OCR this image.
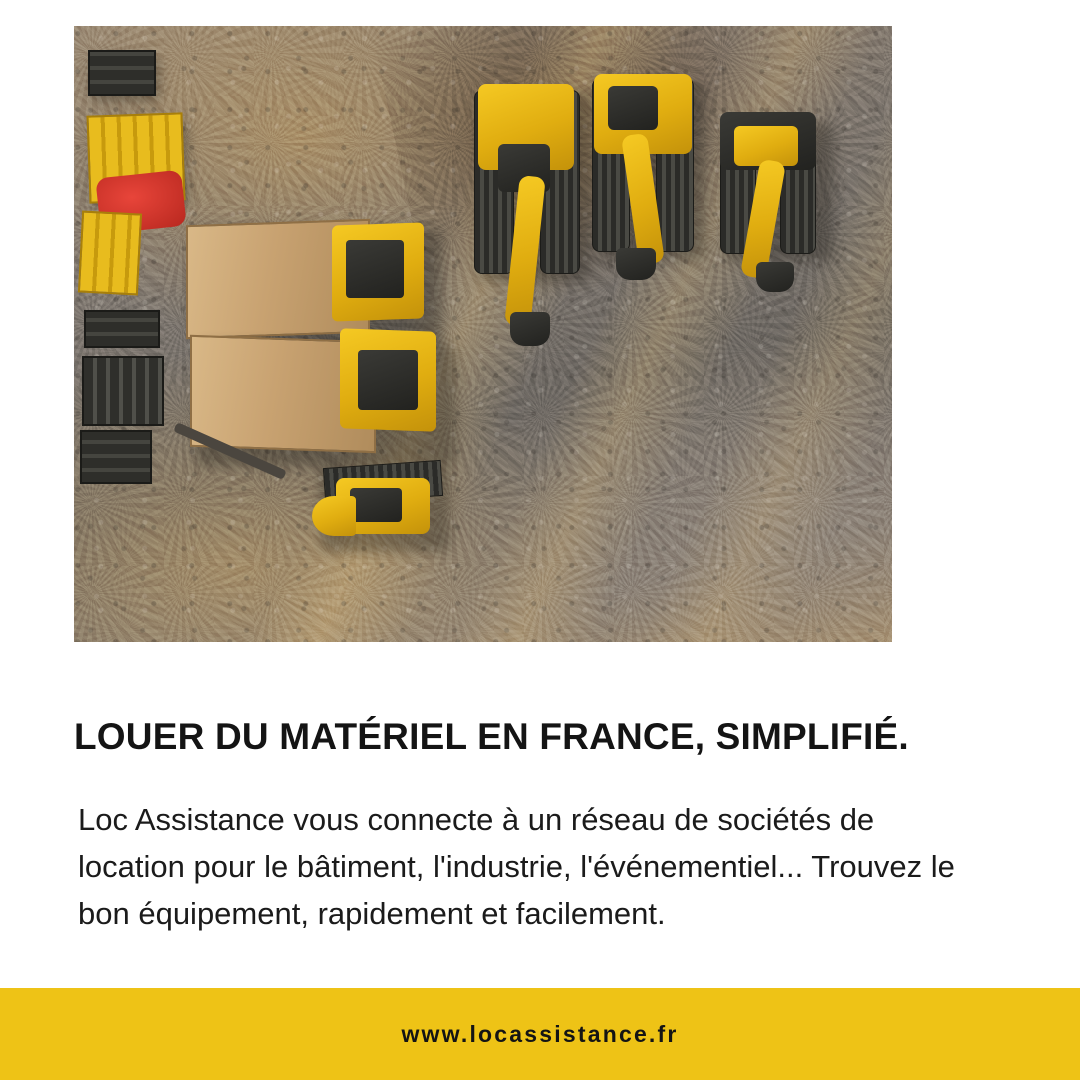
LOUER DU MATÉRIEL EN FRANCE, SIMPLIFIÉ.

Loc Assistance vous connecte à un réseau de sociétés de location pour le bâtiment, l'industrie, l'événementiel... Trouvez le bon équipement, rapidement et facilement.

www.locassistance.fr
